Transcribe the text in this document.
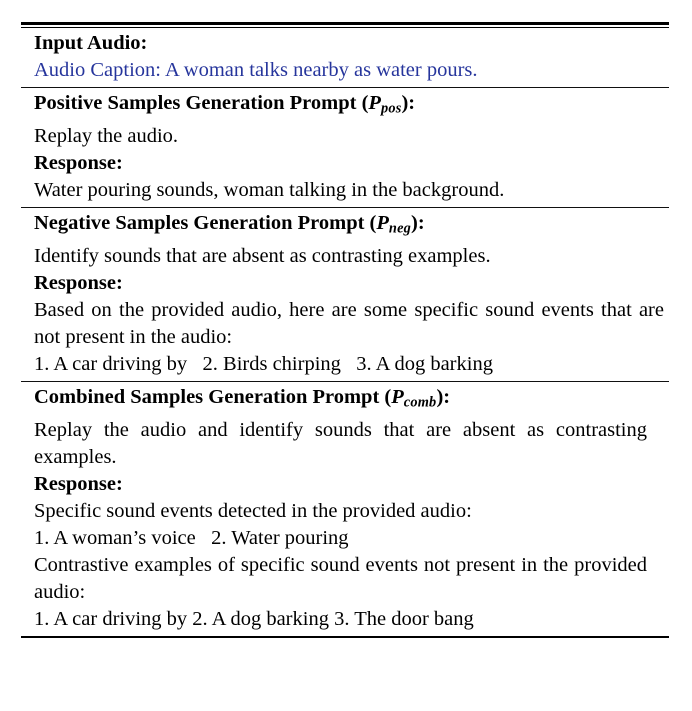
Input Audio:
Audio Caption: A woman talks nearby as water pours.
Positive Samples Generation Prompt (Ppos):
Replay the audio.
Response:
Water pouring sounds, woman talking in the background.
Negative Samples Generation Prompt (Pneg):
Identify sounds that are absent as contrasting examples.
Response:
Based on the provided audio, here are some specific sound events that are not present in the audio:
1. A car driving by   2. Birds chirping   3. A dog barking
Combined Samples Generation Prompt (Pcomb):
Replay the audio and identify sounds that are absent as contrasting examples.
Response:
Specific sound events detected in the provided audio:
1. A woman’s voice   2. Water pouring
Contrastive examples of specific sound events not present in the provided audio:
1. A car driving by 2. A dog barking 3. The door bang
